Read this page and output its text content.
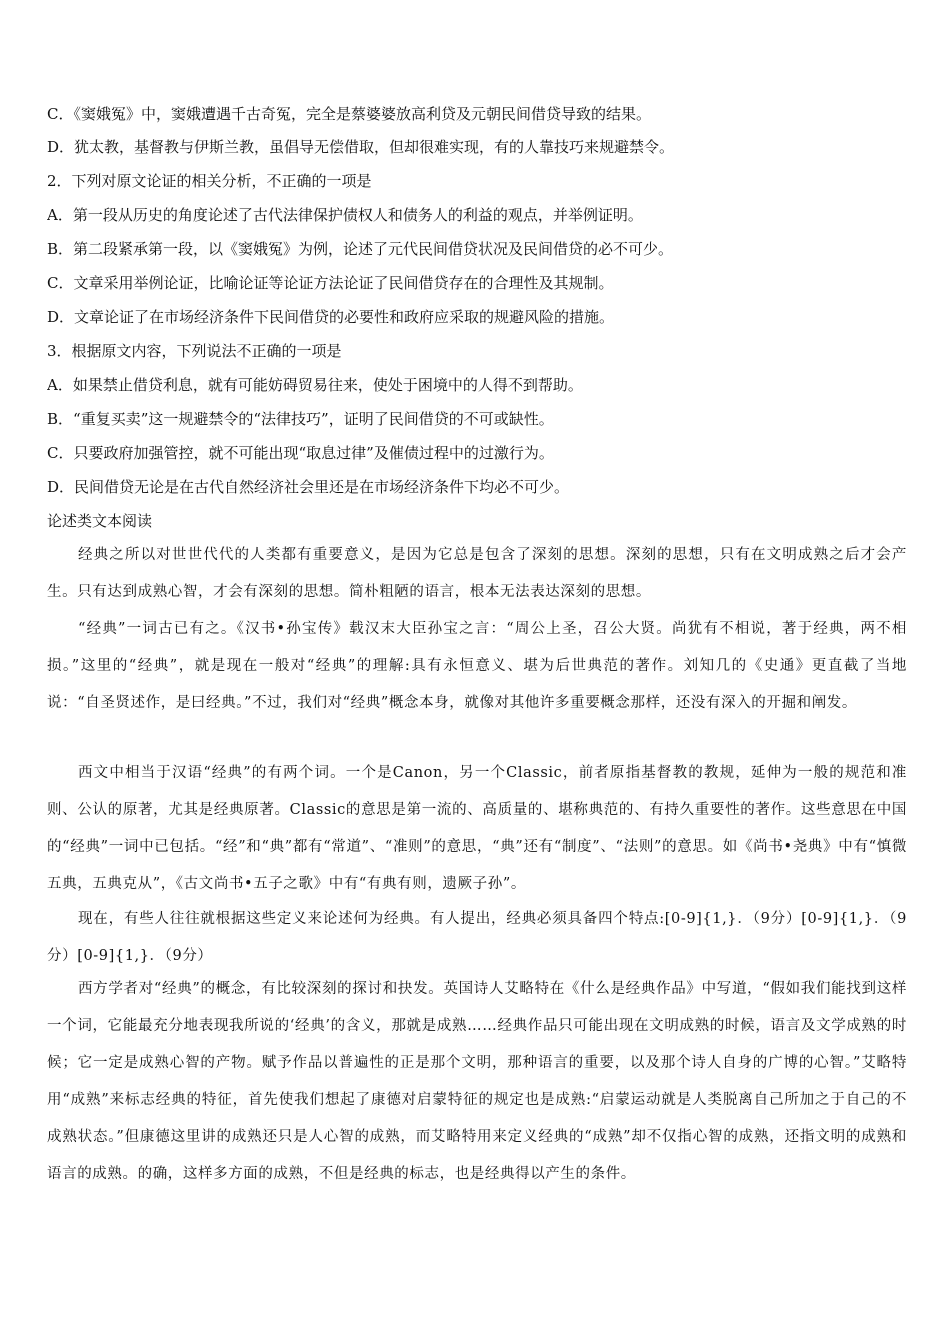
C．《窦娥冤》中，窦娥遭遇千古奇冤，完全是蔡婆婆放高利贷及元朝民间借贷导致的结果。
D．犹太教，基督教与伊斯兰教，虽倡导无偿借取，但却很难实现，有的人靠技巧来规避禁令。
2．下列对原文论证的相关分析，不正确的一项是
A．第一段从历史的角度论述了古代法律保护债权人和债务人的利益的观点，并举例证明。
B．第二段紧承第一段，以《窦娥冤》为例，论述了元代民间借贷状况及民间借贷的必不可少。
C．文章采用举例论证，比喻论证等论证方法论证了民间借贷存在的合理性及其规制。
D．文章论证了在市场经济条件下民间借贷的必要性和政府应采取的规避风险的措施。
3．根据原文内容，下列说法不正确的一项是
A．如果禁止借贷利息，就有可能妨碍贸易往来，使处于困境中的人得不到帮助。
B．“重复买卖”这一规避禁令的“法律技巧”，证明了民间借贷的不可或缺性。
C．只要政府加强管控，就不可能出现“取息过律”及催债过程中的过激行为。
D．民间借贷无论是在古代自然经济社会里还是在市场经济条件下均必不可少。
论述类文本阅读
经典之所以对世世代代的人类都有重要意义，是因为它总是包含了深刻的思想。深刻的思想，只有在文明成熟之后才会产生。只有达到成熟心智，才会有深刻的思想。简朴粗陋的语言，根本无法表达深刻的思想。
“经典”一词古已有之。《汉书•孙宝传》载汉末大臣孙宝之言：“周公上圣，召公大贤。尚犹有不相说，著于经典，两不相损。”这里的“经典”，就是现在一般对“经典”的理解:具有永恒意义、堪为后世典范的著作。刘知几的《史通》更直截了当地说：“自圣贤述作，是曰经典。”不过，我们对“经典”概念本身，就像对其他许多重要概念那样，还没有深入的开掘和阐发。
西文中相当于汉语“经典”的有两个词。一个是Canon，另一个Classic，前者原指基督教的教规，延伸为一般的规范和准则、公认的原著，尤其是经典原著。Classic的意思是第一流的、高质量的、堪称典范的、有持久重要性的著作。这些意思在中国的“经典”一词中已包括。“经”和“典”都有“常道”、“准则”的意思，“典”还有“制度”、“法则”的意思。如《尚书•尧典》中有“慎微五典，五典克从”，《古文尚书•五子之歌》中有“有典有则，遗厥子孙”。
现在，有些人往往就根据这些定义来论述何为经典。有人提出，经典必须具备四个特点:[0-9]{1,}．（9分）[0-9]{1,}．（9分）[0-9]{1,}．（9分）
西方学者对“经典”的概念，有比较深刻的探讨和抉发。英国诗人艾略特在《什么是经典作品》中写道，“假如我们能找到这样一个词，它能最充分地表现我所说的‘经典’的含义，那就是成熟……经典作品只可能出现在文明成熟的时候，语言及文学成熟的时候；它一定是成熟心智的产物。赋予作品以普遍性的正是那个文明，那种语言的重要，以及那个诗人自身的广博的心智。”艾略特用“成熟”来标志经典的特征，首先使我们想起了康德对启蒙特征的规定也是成熟:“启蒙运动就是人类脱离自己所加之于自己的不成熟状态。”但康德这里讲的成熟还只是人心智的成熟，而艾略特用来定义经典的“成熟”却不仅指心智的成熟，还指文明的成熟和语言的成熟。的确，这样多方面的成熟，不但是经典的标志，也是经典得以产生的条件。
